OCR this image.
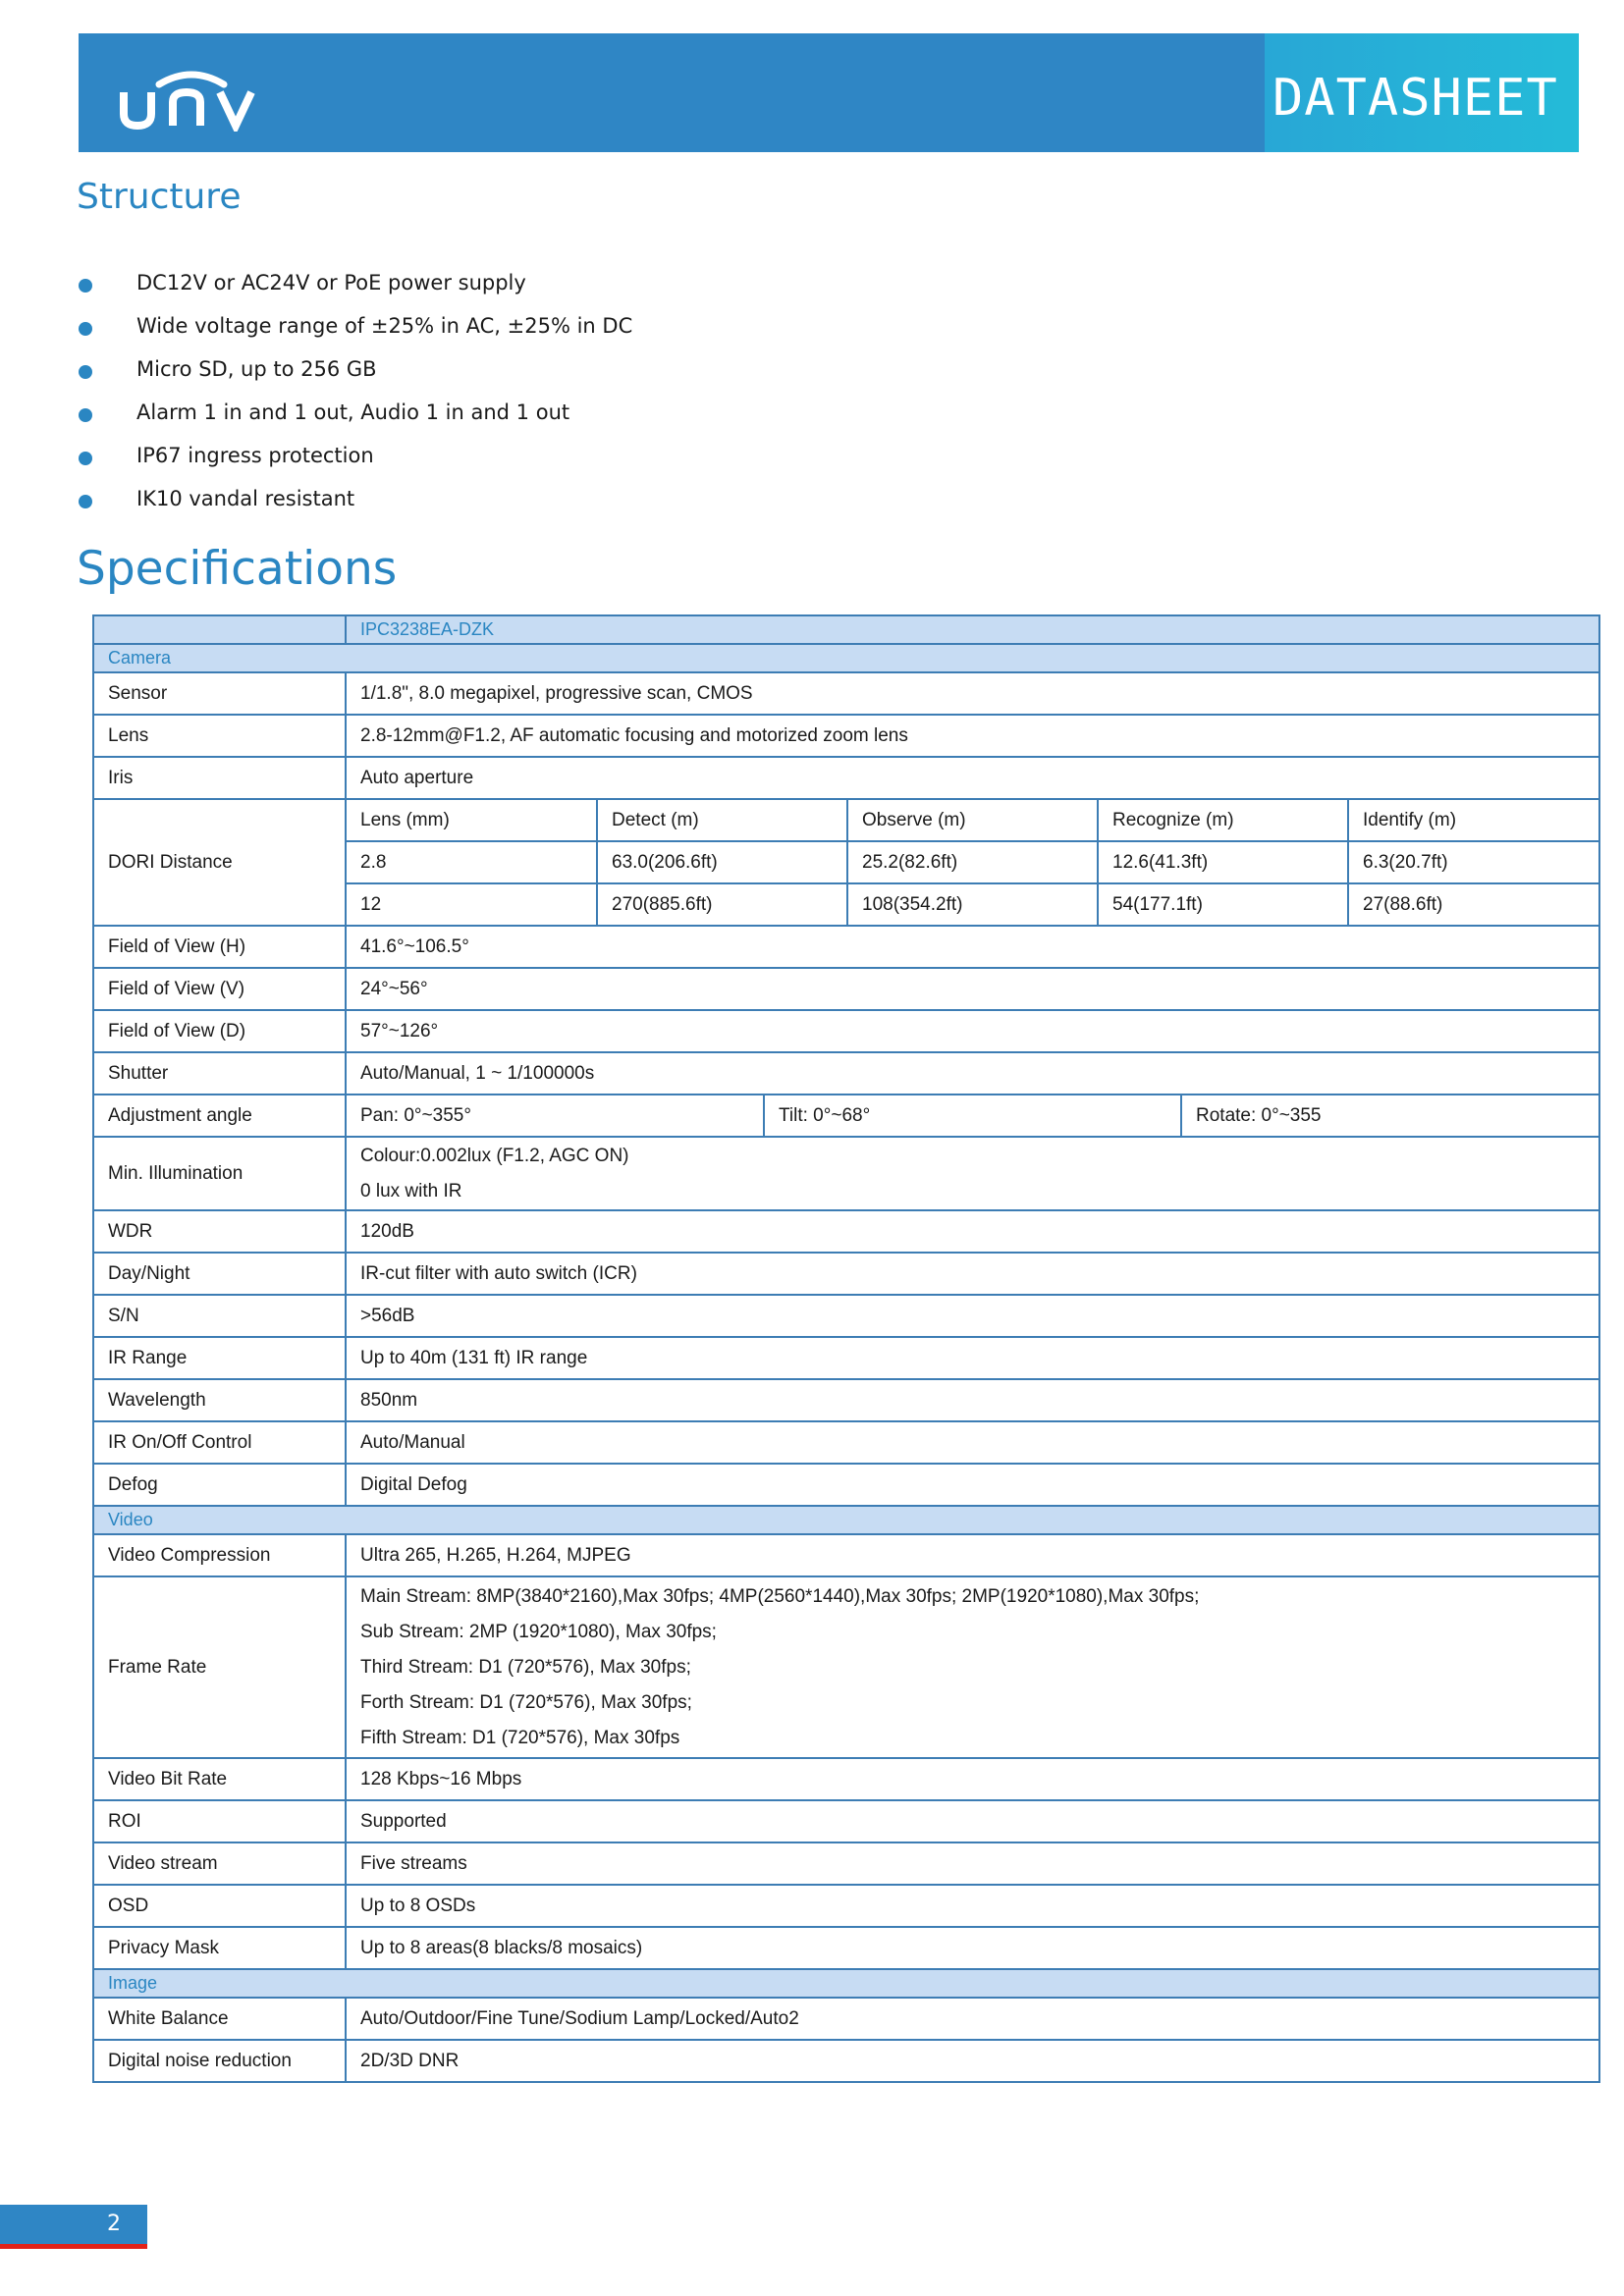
DATASHEET
Structure
DC12V or AC24V or PoE power supply
Wide voltage range of ±25% in AC, ±25% in DC
Micro SD, up to 256 GB
Alarm 1 in and 1 out, Audio 1 in and 1 out
IP67 ingress protection
IK10 vandal resistant
Specifications
	IPC3238EA-DZK
Camera
Sensor	1/1.8", 8.0 megapixel, progressive scan, CMOS
Lens	2.8-12mm@F1.2, AF automatic focusing and motorized zoom lens
Iris	Auto aperture
DORI Distance	
Lens (mm)	Detect (m)	Observe (m)	Recognize (m)	Identify (m)
2.8	63.0(206.6ft)	25.2(82.6ft)	12.6(41.3ft)	6.3(20.7ft)
12	270(885.6ft)	108(354.2ft)	54(177.1ft)	27(88.6ft)

Field of View (H)	41.6°~106.5°
Field of View (V)	24°~56°
Field of View (D)	57°~126°
Shutter	Auto/Manual, 1 ~ 1/100000s
Adjustment angle		Pan: 0°~355°	Tilt: 0°~68°	Rotate: 0°~355

Min. Illumination	
Colour:0.002lux (F1.2, AGC ON)
0 lux with IR

WDR	120dB
Day/Night	IR-cut filter with auto switch (ICR)
S/N	>56dB
IR Range	Up to 40m (131 ft) IR range
Wavelength	850nm
IR On/Off Control	Auto/Manual
Defog	Digital Defog
Video
Video Compression	Ultra 265, H.265, H.264, MJPEG
Frame Rate	
Main Stream: 8MP(3840*2160),Max 30fps; 4MP(2560*1440),Max 30fps; 2MP(1920*1080),Max 30fps;
Sub Stream: 2MP (1920*1080), Max 30fps;
Third Stream: D1 (720*576), Max 30fps;
Forth Stream: D1 (720*576), Max 30fps;
Fifth Stream: D1 (720*576), Max 30fps

Video Bit Rate	128 Kbps~16 Mbps
ROI	Supported
Video stream	Five streams
OSD	Up to 8 OSDs
Privacy Mask	Up to 8 areas(8 blacks/8 mosaics)
Image
White Balance	Auto/Outdoor/Fine Tune/Sodium Lamp/Locked/Auto2
Digital noise reduction	2D/3D DNR
2
